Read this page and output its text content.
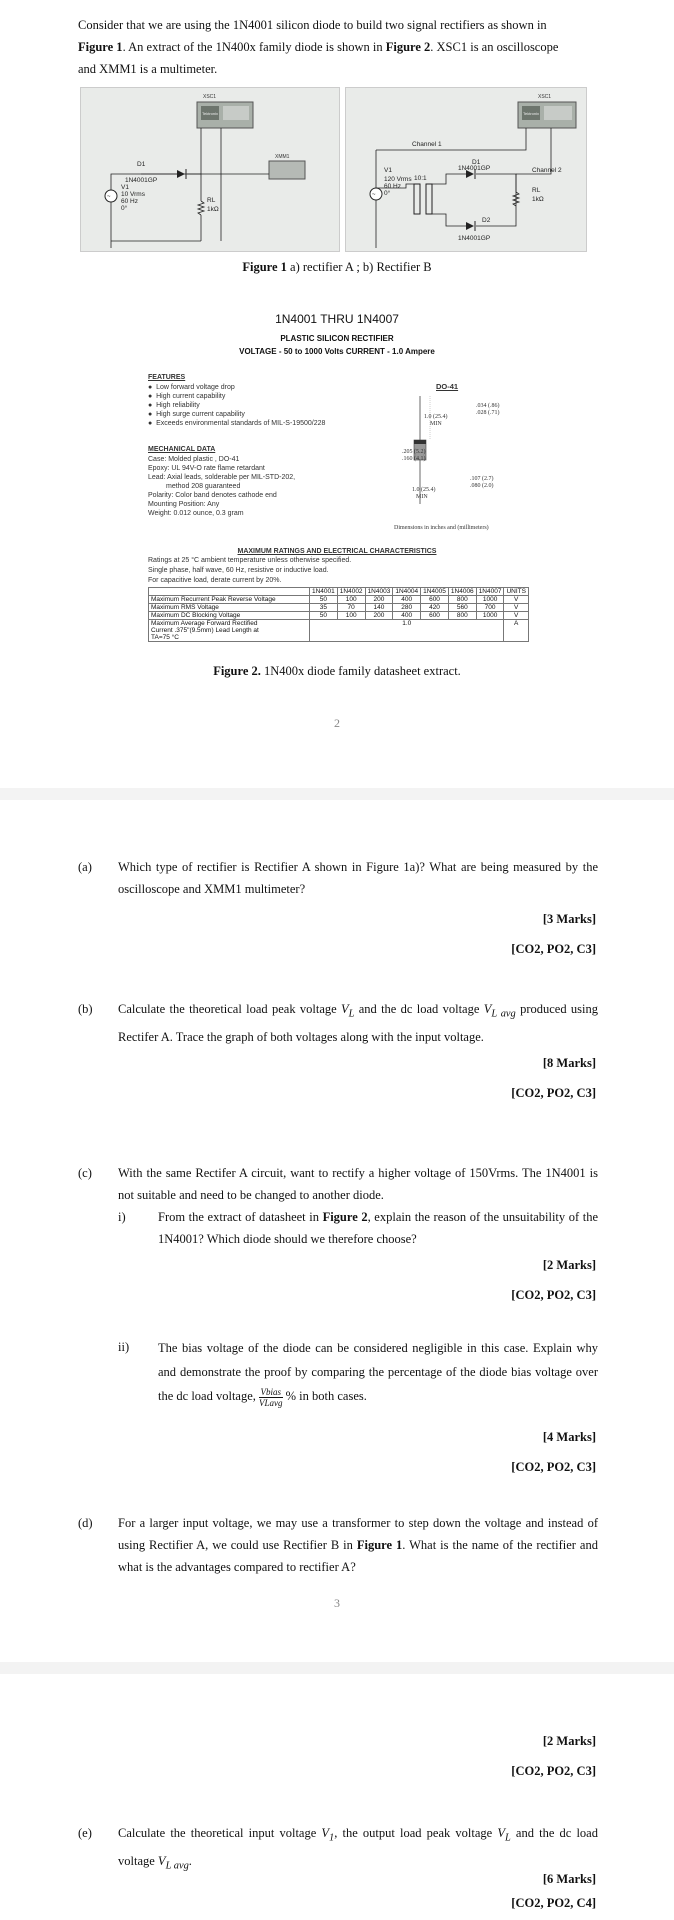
Consider that we are using the 1N4001 silicon diode to build two signal rectifiers as shown in
Figure 1. An extract of the 1N400x family diode is shown in Figure 2. XSC1 is an oscilloscope
and XMM1 is a multimeter.
XSC1
Tektronix
XMM1
D1
1N4001GP
~
V1
10 Vrms
60 Hz
0°
RL
1kΩ
XSC1
Tektronix
Channel 1
Channel 2
10:1
D1
1N4001GP
D2
1N4001GP
~
V1
120 Vrms
60 Hz
0°	RL
1kΩ
Figure 1 a) rectifier A ; b) Rectifier B
1N4001 THRU 1N4007
PLASTIC SILICON RECTIFIER
VOLTAGE - 50 to 1000 Volts CURRENT - 1.0 Ampere
FEATURES
●  Low forward voltage drop
●  High current capability
●  High reliability
●  High surge current capability
●  Exceeds environmental standards of MIL-S-19500/228
MECHANICAL DATA
Case: Molded plastic , DO-41
Epoxy: UL 94V-O rate flame retardant
Lead: Axial leads, solderable per MIL-STD-202,
method 208 guaranteed
Polarity: Color band denotes cathode end
Mounting Position: Any
Weight: 0.012 ounce, 0.3 gram
DO-41
1.0 (25.4)
MIN
.034 (.86)
.028 (.71)
.205 (5.2)
.160 (4.1)
.107 (2.7)
.080 (2.0)
1.0 (25.4)
MIN
Dimensions in inches and (millimeters)
MAXIMUM RATINGS AND ELECTRICAL CHARACTERISTICS
Ratings at 25 °C ambient temperature unless otherwise specified.
Single phase, half wave, 60 Hz, resistive or inductive load.
For capacitive load, derate current by 20%.
	1N4001	1N4002	1N4003	1N4004	1N4005	1N4006	1N4007	UNITS
Maximum Recurrent Peak Reverse Voltage	50	100	200	400	600	800	1000	V
Maximum RMS Voltage	35	70	140	280	420	560	700	V
Maximum DC Blocking Voltage	50	100	200	400	600	800	1000	V
Maximum Average Forward Rectified
Current .375"(9.5mm) Lead Length at
TA=75 °C	1.0							A
Figure 2. 1N400x diode family datasheet extract.
2
(a) Which type of rectifier is Rectifier A shown in Figure 1a)? What are being measured by the oscilloscope and XMM1 multimeter?
[3 Marks]
[CO2, PO2, C3]
(b) Calculate the theoretical load peak voltage $V_L$ and the dc load voltage $V_{L avg}$ produced using Rectifer A. Trace the graph of both voltages along with the input voltage.
[8 Marks]
[CO2, PO2, C3]
(c) With the same Rectifer A circuit, want to rectify a higher voltage of 150Vrms. The 1N4001 is not suitable and need to be changed to another diode.
i)	From the extract of datasheet in Figure 2, explain the reason of the unsuitability of the 1N4001? Which diode should we therefore choose?
[2 Marks]
[CO2, PO2, C3]
ii) The bias voltage of the diode can be considered negligible in this case. Explain why and demonstrate the proof by comparing the percentage of the diode bias voltage over the dc load voltage, $\frac{\text{Vbias}}{\text{VLavg}}$ % in both cases.
[4 Marks]
[CO2, PO2, C3]
(d) For a larger input voltage, we may use a transformer to step down the voltage and instead of using Rectifier A, we could use Rectifier B in Figure 1. What is the name of the rectifier and what is the advantages compared to rectifier A?
3
[2 Marks]
[CO2, PO2, C3]
(e) Calculate the theoretical input voltage $V_1$, the output load peak voltage $V_L$ and the dc load voltage $V_{L avg}$.
[6 Marks]
[CO2, PO2, C4]
